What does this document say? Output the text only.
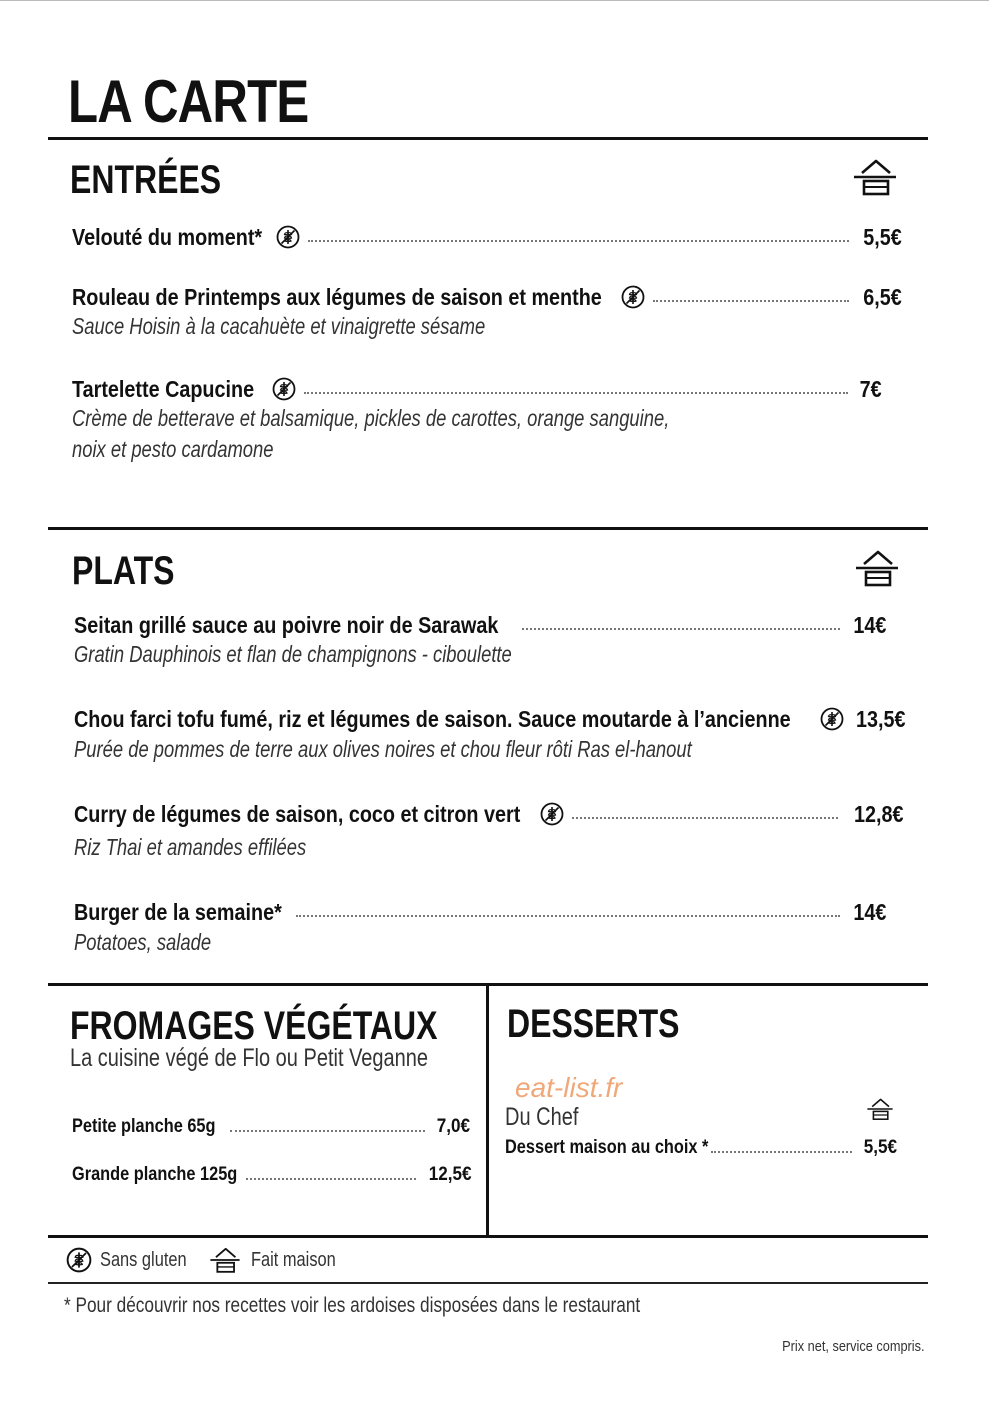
LA CARTE
ENTRÉES
Velouté du moment*	5,5€
Rouleau de Printemps aux légumes de saison et menthe	6,5€
Sauce Hoisin à la cacahuète et vinaigrette sésame
Tartelette Capucine	7€
Crème de betterave et balsamique, pickles de carottes, orange sanguine,
noix et pesto cardamone
PLATS
Seitan grillé sauce au poivre noir de Sarawak	14€
Gratin Dauphinois et flan de champignons - ciboulette
Chou farci tofu fumé, riz et légumes de saison. Sauce moutarde à l’ancienne	13,5€
Purée de pommes de terre aux olives noires et chou fleur rôti Ras el-hanout
Curry de légumes de saison, coco et citron vert	12,8€
Riz Thai et amandes effilées
Burger de la semaine*	14€
Potatoes, salade
FROMAGES VÉGÉTAUX
La cuisine végé de Flo ou Petit Veganne
Petite planche 65g	7,0€
Grande planche 125g	12,5€
DESSERTS
eat-list.fr
Du Chef
Dessert maison au choix *	5,5€
Sans gluten	Fait maison
* Pour découvrir nos recettes voir les ardoises disposées dans le restaurant
Prix net, service compris.
